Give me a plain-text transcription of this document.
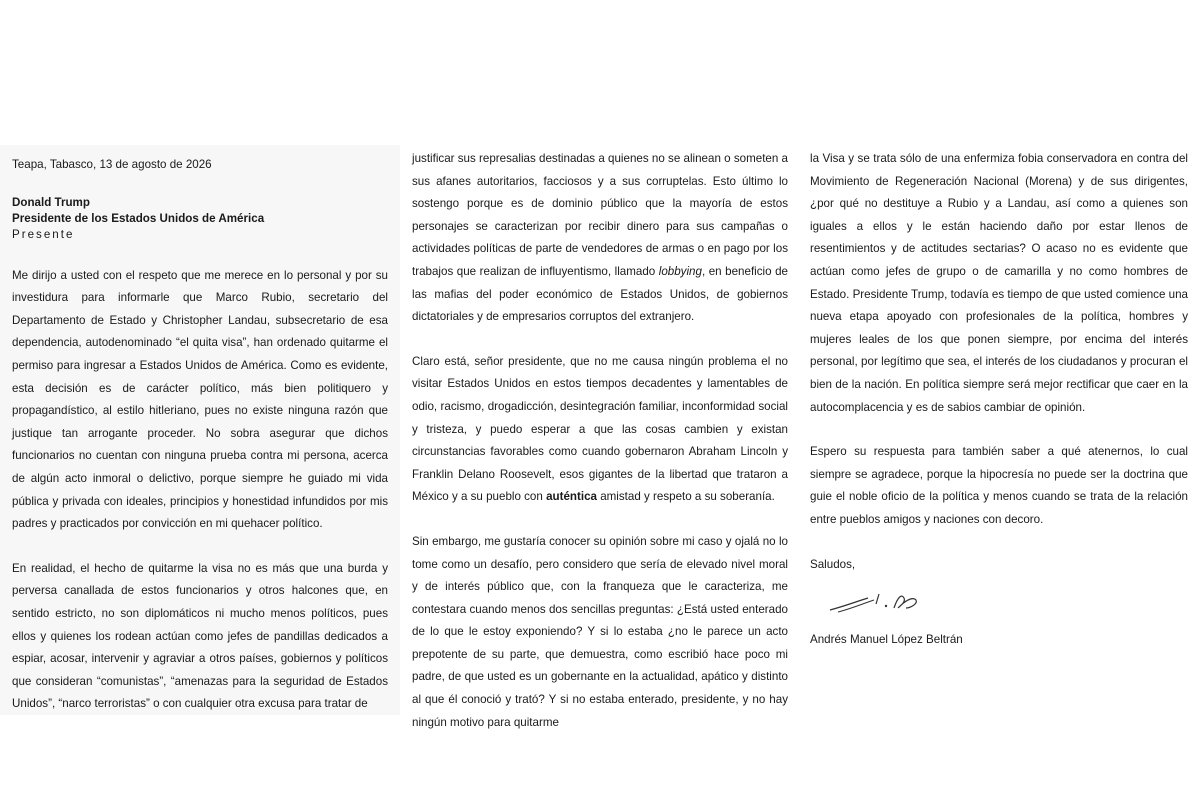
Teapa, Tabasco, 13 de agosto de 2026

Donald Trump
Presidente de los Estados Unidos de América
Presente

Me dirijo a usted con el respeto que me merece en lo personal y por su investidura para informarle que Marco Rubio, secretario del Departamento de Estado y Christopher Landau, subsecretario de esa dependencia, autodenominado “el quita visa”, han ordenado quitarme el permiso para ingresar a Estados Unidos de América. Como es evidente, esta decisión es de carácter político, más bien politiquero y propagandístico, al estilo hitleriano, pues no existe ninguna razón que justique tan arrogante proceder. No sobra asegurar que dichos funcionarios no cuentan con ninguna prueba contra mi persona, acerca de algún acto inmoral o delictivo, porque siempre he guiado mi vida pública y privada con ideales, principios y honestidad infundidos por mis padres y practicados por convicción en mi quehacer político.

En realidad, el hecho de quitarme la visa no es más que una burda y perversa canallada de estos funcionarios y otros halcones que, en sentido estricto, no son diplomáticos ni mucho menos políticos, pues ellos y quienes los rodean actúan como jefes de pandillas dedicados a espiar, acosar, intervenir y agraviar a otros países, gobiernos y políticos que consideran “comunistas”, “amenazas para la seguridad de Estados Unidos”, “narco terroristas” o con cualquier otra excusa para tratar de

justificar sus represalias destinadas a quienes no se alinean o someten a sus afanes autoritarios, facciosos y a sus corruptelas. Esto último lo sostengo porque es de dominio público que la mayoría de estos personajes se caracterizan por recibir dinero para sus campañas o actividades políticas de parte de vendedores de armas o en pago por los trabajos que realizan de influyentismo, llamado lobbying, en beneficio de las mafias del poder económico de Estados Unidos, de gobiernos dictatoriales y de empresarios corruptos del extranjero.

Claro está, señor presidente, que no me causa ningún problema el no visitar Estados Unidos en estos tiempos decadentes y lamentables de odio, racismo, drogadicción, desintegración familiar, inconformidad social y tristeza, y puedo esperar a que las cosas cambien y existan circunstancias favorables como cuando gobernaron Abraham Lincoln y Franklin Delano Roosevelt, esos gigantes de la libertad que trataron a México y a su pueblo con auténtica amistad y respeto a su soberanía.

Sin embargo, me gustaría conocer su opinión sobre mi caso y ojalá no lo tome como un desafío, pero considero que sería de elevado nivel moral y de interés público que, con la franqueza que le caracteriza, me contestara cuando menos dos sencillas preguntas: ¿Está usted enterado de lo que le estoy exponiendo? Y si lo estaba ¿no le parece un acto prepotente de su parte, que demuestra, como escribió hace poco mi padre, de que usted es un gobernante en la actualidad, apático y distinto al que él conoció y trató? Y si no estaba enterado, presidente, y no hay ningún motivo para quitarme

la Visa y se trata sólo de una enfermiza fobia conservadora en contra del Movimiento de Regeneración Nacional (Morena) y de sus dirigentes, ¿por qué no destituye a Rubio y a Landau, así como a quienes son iguales a ellos y le están haciendo daño por estar llenos de resentimientos y de actitudes sectarias? O acaso no es evidente que actúan como jefes de grupo o de camarilla y no como hombres de Estado. Presidente Trump, todavía es tiempo de que usted comience una nueva etapa apoyado con profesionales de la política, hombres y mujeres leales de los que ponen siempre, por encima del interés personal, por legítimo que sea, el interés de los ciudadanos y procuran el bien de la nación. En política siempre será mejor rectificar que caer en la autocomplacencia y es de sabios cambiar de opinión.

Espero su respuesta para también saber a qué atenernos, lo cual siempre se agradece, porque la hipocresía no puede ser la doctrina que guie el noble oficio de la política y menos cuando se trata de la relación entre pueblos amigos y naciones con decoro.

Saludos,

Andrés Manuel López Beltrán
